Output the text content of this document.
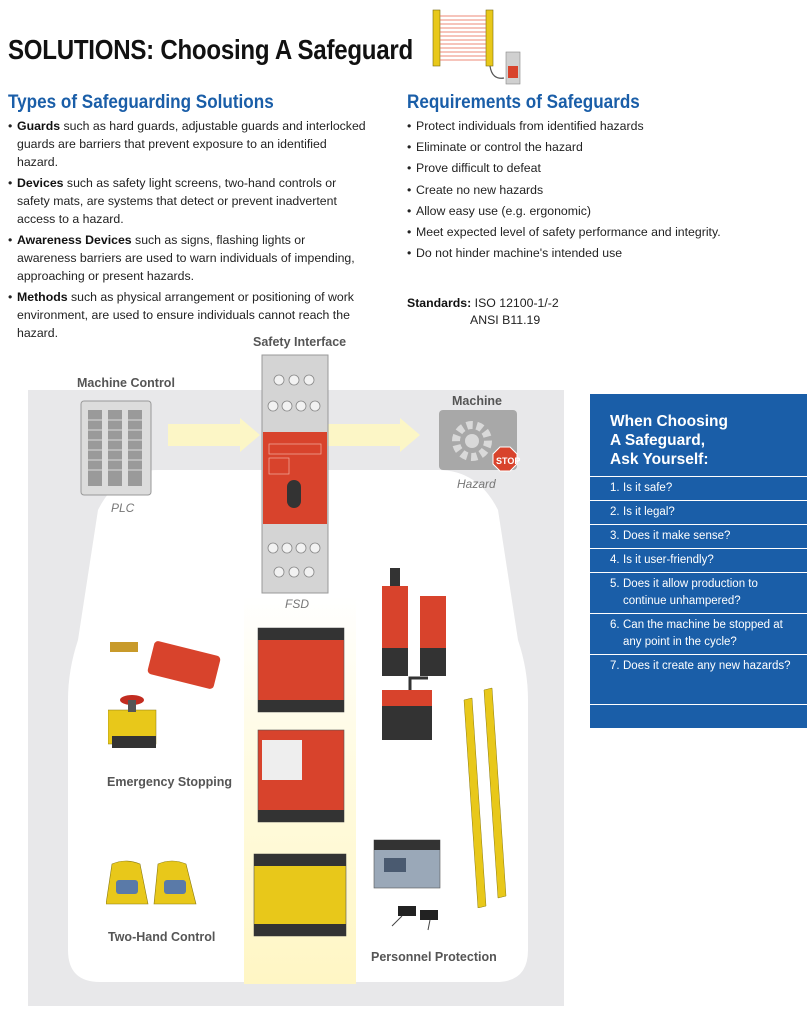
SOLUTIONS: Choosing A Safeguard
Types of Safeguarding Solutions
• Guards such as hard guards, adjustable guards and interlocked guards are barriers that prevent exposure to an identified hazard.
• Devices such as safety light screens, two-hand controls or safety mats, are systems that detect or prevent inadvertent access to a hazard.
• Awareness Devices such as signs, flashing lights or awareness barriers are used to warn individuals of impending, approaching or present hazards.
• Methods such as physical arrangement or positioning of work environment, are used to ensure individuals cannot reach the hazard.
Requirements of Safeguards
• Protect individuals from identified hazards
• Eliminate or control the hazard
• Prove difficult to defeat
• Create no new hazards
• Allow easy use (e.g. ergonomic)
• Meet expected level of safety performance and integrity.
• Do not hinder machine's intended use
Standards: ISO 12100-1/-2
ANSI B11.19
Machine Control
PLC
Safety Interface
FSD
Machine
STOP
Hazard
Emergency Stopping
Two-Hand Control
Personnel Protection
When Choosing
A Safeguard,
Ask Yourself:
1. Is it safe?
2. Is it legal?
3. Does it make sense?
4. Is it user-friendly?
5. Does it allow production to continue unhampered?
6. Can the machine be stopped at any point in the cycle?
7. Does it create any new hazards?
